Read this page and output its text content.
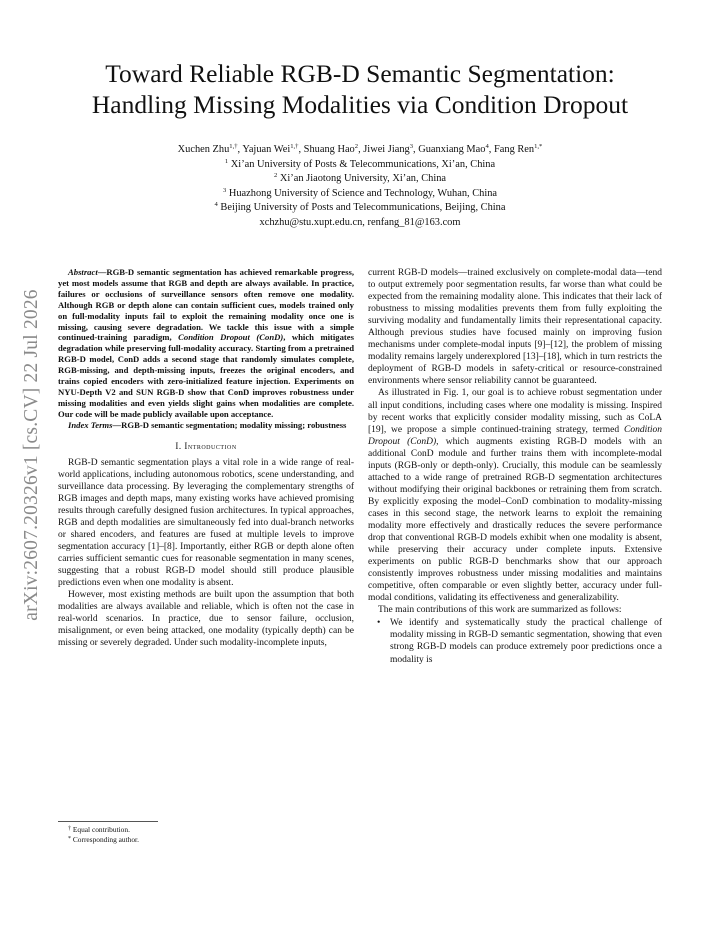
Toward Reliable RGB-D Semantic Segmentation:
Handling Missing Modalities via Condition Dropout
Xuchen Zhu$^{1,\dagger}$, Yajuan Wei$^{1,\dagger}$, Shuang Hao$^2$, Jiwei Jiang$^3$, Guanxiang Mao$^4$, Fang Ren$^{1,*}$
$^1$ Xi’an University of Posts & Telecommunications, Xi’an, China
$^2$ Xi’an Jiaotong University, Xi’an, China
$^3$ Huazhong University of Science and Technology, Wuhan, China
$^4$ Beijing University of Posts and Telecommunications, Beijing, China
xchzhu@stu.xupt.edu.cn, renfang_81@163.com
arXiv:2607.20326v1 [cs.CV] 22 Jul 2026

Abstract—RGB-D semantic segmentation has achieved remarkable progress, yet most models assume that RGB and depth are always available. In practice, failures or occlusions of surveillance sensors often remove one modality. Although RGB or depth alone can contain sufficient cues, models trained only on full-modality inputs fail to exploit the remaining modality once one is missing, causing severe degradation. We tackle this issue with a simple continued-training paradigm, Condition Dropout (ConD), which mitigates degradation while preserving full-modality accuracy. Starting from a pretrained RGB-D model, ConD adds a second stage that randomly simulates complete, RGB-missing, and depth-missing inputs, freezes the original encoders, and trains copied encoders with zero-initialized feature injection. Experiments on NYU-Depth V2 and SUN RGB-D show that ConD improves robustness under missing modalities and even yields slight gains when modalities are complete. Our code will be made publicly available upon acceptance.

Index Terms—RGB-D semantic segmentation; modality missing; robustness

I. Introduction

RGB-D semantic segmentation plays a vital role in a wide range of real-world applications, including autonomous robotics, scene understanding, and surveillance data processing. By leveraging the complementary strengths of RGB images and depth maps, many existing works have achieved promising results through carefully designed fusion architectures. In typical approaches, RGB and depth modalities are simultaneously fed into dual-branch networks or shared encoders, and features are fused at multiple levels to improve segmentation accuracy [1]–[8]. Importantly, either RGB or depth alone often carries sufficient semantic cues for reasonable segmentation in many scenes, suggesting that a robust RGB-D model should still produce plausible predictions even when one modality is absent.

However, most existing methods are built upon the assumption that both modalities are always available and reliable, which is often not the case in real-world scenarios. In practice, due to sensor failure, occlusion, misalignment, or even being attacked, one modality (typically depth) can be missing or severely degraded. Under such modality-incomplete inputs,

† Equal contribution.
* Corresponding author.

current RGB-D models—trained exclusively on complete-modal data—tend to output extremely poor segmentation results, far worse than what could be expected from the remaining modality alone. This indicates that their lack of robustness to missing modalities prevents them from fully exploiting the surviving modality and fundamentally limits their representational capacity. Although previous studies have focused mainly on improving fusion mechanisms under complete-modal inputs [9]–[12], the problem of missing modality remains largely underexplored [13]–[18], which in turn restricts the deployment of RGB-D models in safety-critical or resource-constrained environments where sensor reliability cannot be guaranteed.

As illustrated in Fig. 1, our goal is to achieve robust segmentation under all input conditions, including cases where one modality is missing. Inspired by recent works that explicitly consider modality missing, such as CoLA [19], we propose a simple continued-training strategy, termed Condition Dropout (ConD), which augments existing RGB-D models with an additional ConD module and further trains them with incomplete-modal inputs (RGB-only or depth-only). Crucially, this module can be seamlessly attached to a wide range of pretrained RGB-D segmentation architectures without modifying their original backbones or retraining them from scratch. By explicitly exposing the model–ConD combination to modality-missing cases in this second stage, the network learns to exploit the remaining modality more effectively and drastically reduces the severe performance drop that conventional RGB-D models exhibit when one modality is absent, while preserving their accuracy under complete inputs. Extensive experiments on public RGB-D benchmarks show that our approach consistently improves robustness under missing modalities and maintains competitive, often comparable or even slightly better, accuracy under full-modal conditions, validating its effectiveness and generalizability.

The main contributions of this work are summarized as follows:

• We identify and systematically study the practical challenge of modality missing in RGB-D semantic segmentation, showing that even strong RGB-D models can produce extremely poor predictions once a modality is
